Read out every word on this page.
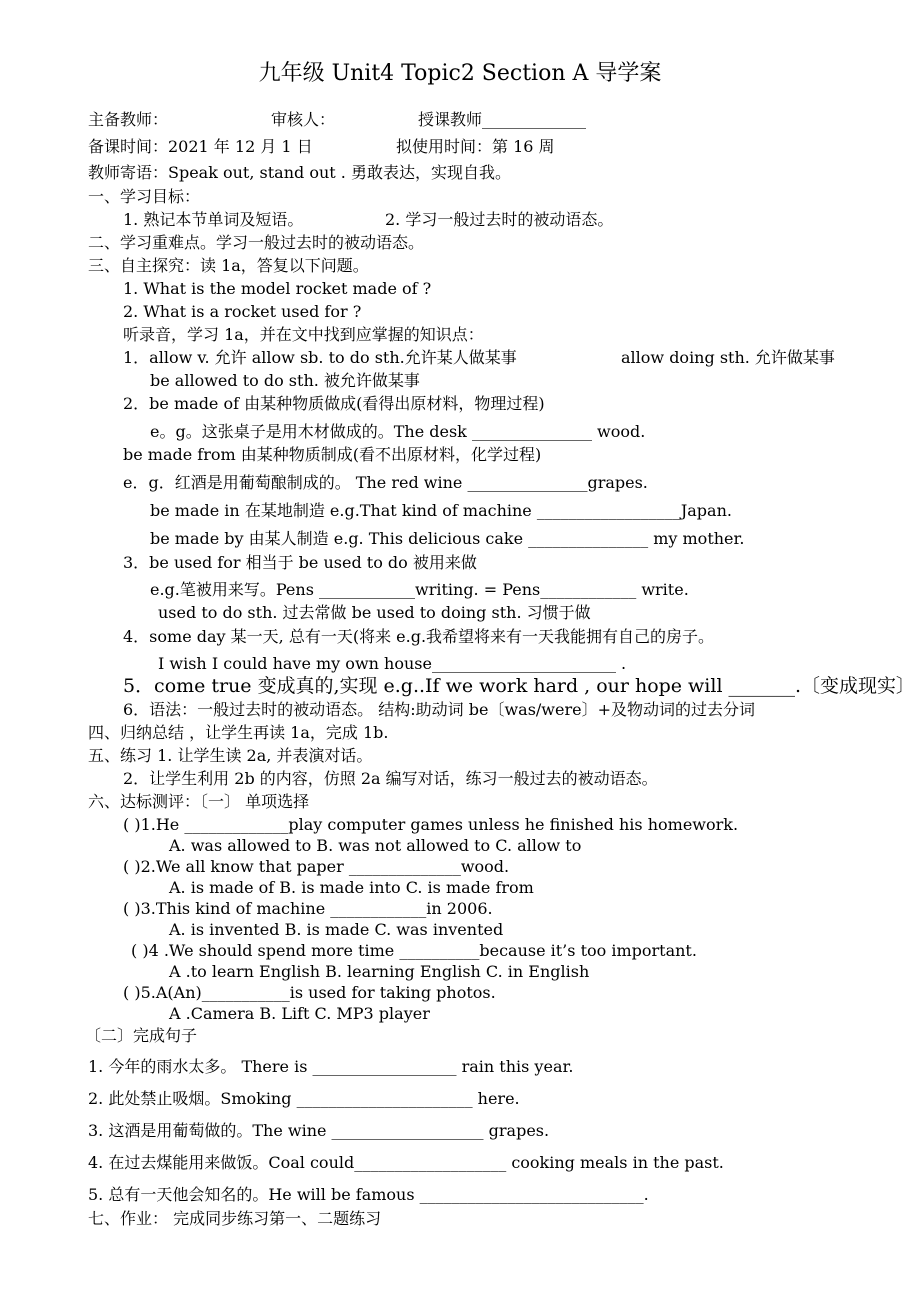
九年级 Unit4 Topic2 Section A 导学案
主备教师：	审核人：	授课教师_____________
备课时间：2021 年 12 月 1 日	拟使用时间：第 16 周
教师寄语：Speak out, stand out . 勇敢表达，实现自我。
一、学习目标：
1. 熟记本节单词及短语。	2. 学习一般过去时的被动语态。
二、学习重难点。学习一般过去时的被动语态。
三、自主探究：读 1a，答复以下问题。
1. What is the model rocket made of ?
2. What is a rocket used for ?
听录音，学习 1a，并在文中找到应掌握的知识点：
1．allow v. 允许 allow sb. to do sth.允许某人做某事	allow doing sth. 允许做某事
be allowed to do sth. 被允许做某事
2．be made of 由某种物质做成(看得出原材料，物理过程)
e。g。这张桌子是用木材做成的。The desk _______________ wood.
be made from 由某种物质制成(看不出原材料，化学过程)
e．g．红酒是用葡萄酿制成的。 The red wine _______________grapes.
be made in 在某地制造 e.g.That kind of machine __________________Japan.
be made by 由某人制造 e.g. This delicious cake _______________ my mother.
3．be used for 相当于 be used to do 被用来做
e.g.笔被用来写。Pens ____________writing. = Pens____________ write.
used to do sth. 过去常做 be used to doing sth. 习惯于做
4．some day 某一天, 总有一天(将来 e.g.我希望将来有一天我能拥有自己的房子。
I wish I could have my own house_______________________ .
5．come true 变成真的,实现 e.g..If we work hard , our hope will _______.〔变成现实〕
6．语法：一般过去时的被动语态。 结构:助动词 be〔was/were〕+及物动词的过去分词
四、归纳总结 ，让学生再读 1a，完成 1b.
五、练习 1. 让学生读 2a, 并表演对话。
2．让学生利用 2b 的内容，仿照 2a 编写对话，练习一般过去的被动语态。
六、达标测评：〔一〕 单项选择
( )1.He _____________play computer games unless he finished his homework.
A. was allowed to B. was not allowed to C. allow to
( )2.We all know that paper ______________wood.
A. is made of B. is made into C. is made from
( )3.This kind of machine ____________in 2006.
A. is invented B. is made C. was invented
( )4 .We should spend more time __________because it’s too important.
A .to learn English B. learning English C. in English
( )5.A(An)___________is used for taking photos.
A .Camera B. Lift C. MP3 player
〔二〕完成句子
1. 今年的雨水太多。 There is __________________ rain this year.
2. 此处禁止吸烟。Smoking ______________________ here.
3. 这酒是用葡萄做的。The wine ___________________ grapes.
4. 在过去煤能用来做饭。Coal could___________________ cooking meals in the past.
5. 总有一天他会知名的。He will be famous ____________________________.
七、作业： 完成同步练习第一、二题练习
